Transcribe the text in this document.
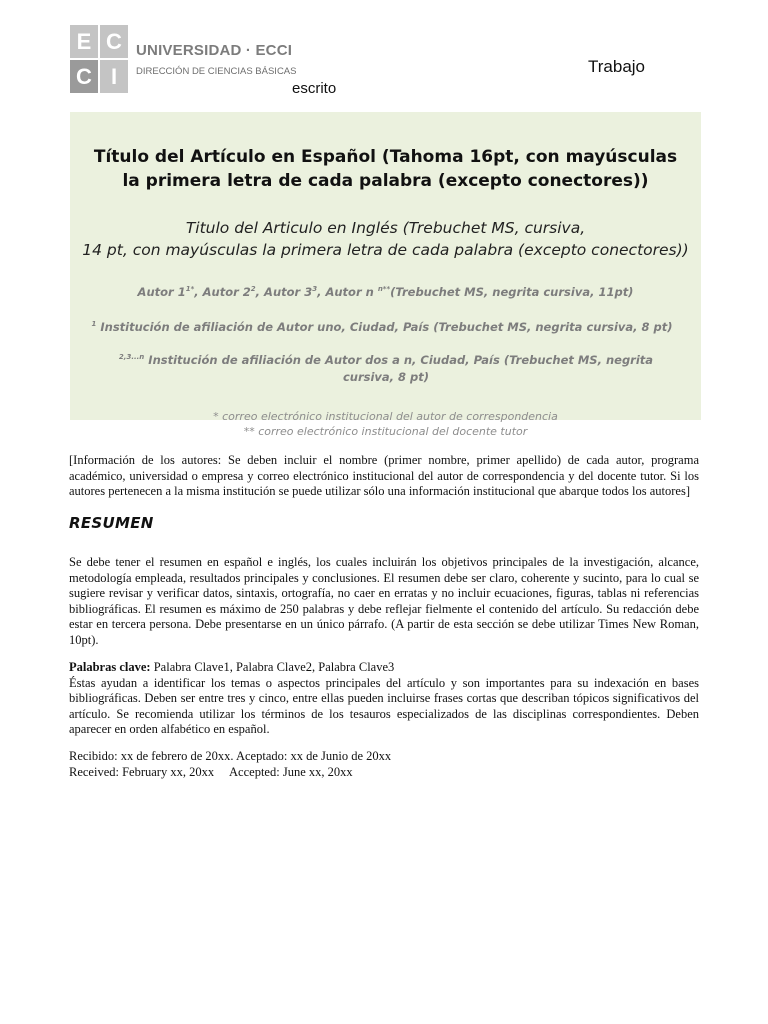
E C
C I
UNIVERSIDAD · ECCI
DIRECCIÓN DE CIENCIAS BÁSICAS	Trabajo
escrito
Título del Artículo en Español (Tahoma 16pt, con mayúsculas
la primera letra de cada palabra (excepto conectores))
Titulo del Articulo en Inglés (Trebuchet MS, cursiva,
14 pt, con mayúsculas la primera letra de cada palabra (excepto conectores))
Autor $1^{1*}$, Autor $2^2$, Autor $3^3$, Autor n $^{n**}$(Trebuchet MS, negrita cursiva, 11pt)
$^1$ Institución de afiliación de Autor uno, Ciudad, País (Trebuchet MS, negrita cursiva, 8 pt)
$^{2,3...n}$ Institución de afiliación de Autor dos a n, Ciudad, País (Trebuchet MS, negrita cursiva, 8 pt)
* correo electrónico institucional del autor de correspondencia
** correo electrónico institucional del docente tutor
[Información de los autores: Se deben incluir el nombre (primer nombre, primer apellido) de cada autor, programa académico, universidad o empresa y correo electrónico institucional del autor de correspondencia y del docente tutor. Si los autores pertenecen a la misma institución se puede utilizar sólo una información institucional que abarque todos los autores]
RESUMEN
Se debe tener el resumen en español e inglés, los cuales incluirán los objetivos principales de la investigación, alcance, metodología empleada, resultados principales y conclusiones. El resumen debe ser claro, coherente y sucinto, para lo cual se sugiere revisar y verificar datos, sintaxis, ortografía, no caer en erratas y no incluir ecuaciones, figuras, tablas ni referencias bibliográficas. El resumen es máximo de 250 palabras y debe reflejar fielmente el contenido del artículo. Su redacción debe estar en tercera persona. Debe presentarse en un único párrafo. (A partir de esta sección se debe utilizar Times New Roman, 10pt).
Palabras clave: Palabra Clave1, Palabra Clave2, Palabra Clave3
Éstas ayudan a identificar los temas o aspectos principales del artículo y son importantes para su indexación en bases bibliográficas. Deben ser entre tres y cinco, entre ellas pueden incluirse frases cortas que describan tópicos significativos del artículo. Se recomienda utilizar los términos de los tesauros especializados de las disciplinas correspondientes. Deben aparecer en orden alfabético en español.
Recibido: xx de febrero de 20xx. Aceptado: xx de Junio de 20xx
Received: February xx, 20xx     Accepted: June xx, 20xx
